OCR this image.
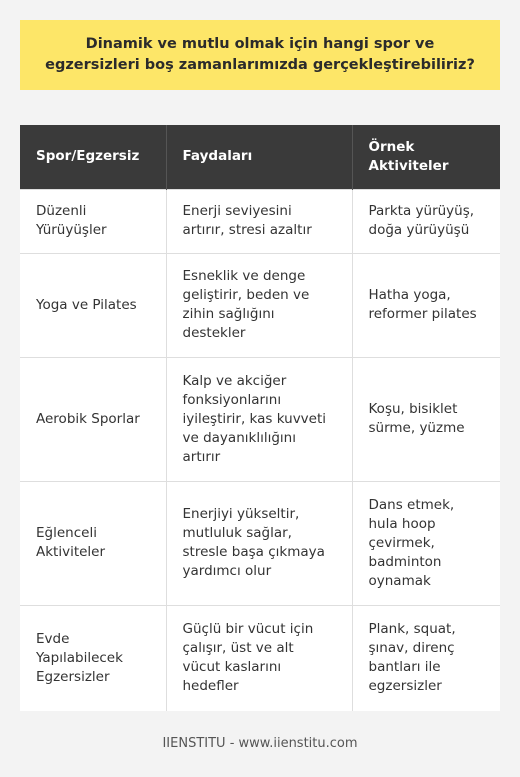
Dinamik ve mutlu olmak için hangi spor ve egzersizleri boş zamanlarımızda gerçekleştirebiliriz?
Spor/Egzersiz	Faydaları	Örnek Aktiviteler
Düzenli Yürüyüşler	Enerji seviyesini artırır, stresi azaltır	Parkta yürüyüş, doğa yürüyüşü
Yoga ve Pilates	Esneklik ve denge geliştirir, beden ve zihin sağlığını destekler	Hatha yoga, reformer pilates
Aerobik Sporlar	Kalp ve akciğer fonksiyonlarını iyileştirir, kas kuvveti ve dayanıklılığını artırır	Koşu, bisiklet sürme, yüzme
Eğlenceli Aktiviteler	Enerjiyi yükseltir, mutluluk sağlar, stresle başa çıkmaya yardımcı olur	Dans etmek, hula hoop çevirmek, badminton oynamak
Evde Yapılabilecek Egzersizler	Güçlü bir vücut için çalışır, üst ve alt vücut kaslarını hedefler	Plank, squat, şınav, direnç bantları ile egzersizler
IIENSTITU - www.iienstitu.com
